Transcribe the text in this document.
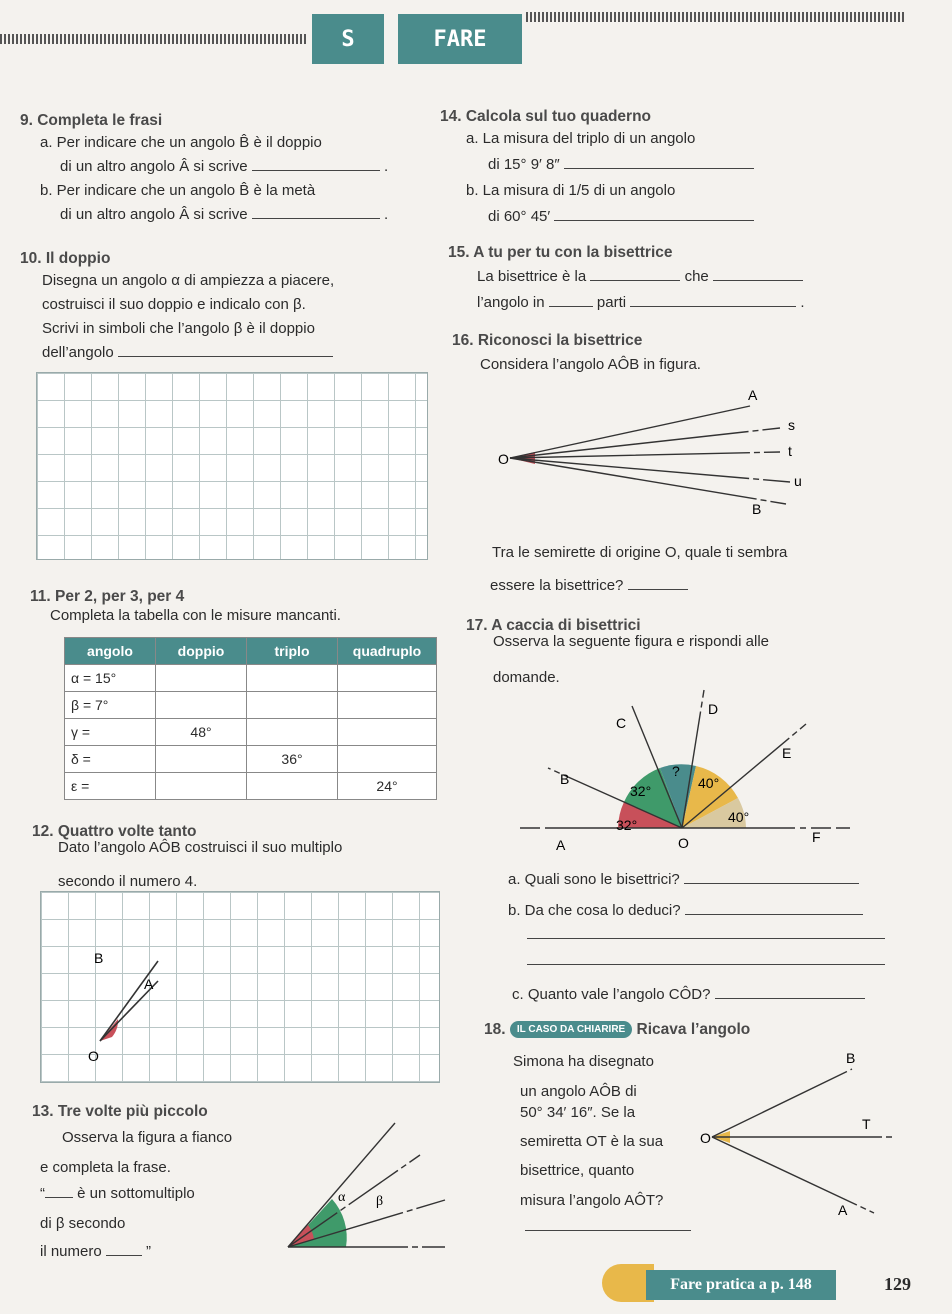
S	FARE
9. Completa le frasi
a. Per indicare che un angolo B̂ è il doppio
di un altro angolo Â si scrive	.
b. Per indicare che un angolo B̂ è la metà
di un altro angolo Â si scrive	.
10. Il doppio
Disegna un angolo α di ampiezza a piacere,
costruisci il suo doppio e indicalo con β.
Scrivi in simboli che l’angolo β è il doppio
dell’angolo
11. Per 2, per 3, per 4
Completa la tabella con le misure mancanti.
angolo	doppio	triplo	quadruplo
α = 15°			
β = 7°			
γ =	48°		
δ =		36°	
ε =			24°
12. Quattro volte tanto
Dato l’angolo AÔB costruisci il suo multiplo
secondo il numero 4.
B
A
O
13. Tre volte più piccolo
Osserva la figura a fianco
e completa la frase.
“ è un sottomultiplo
di β secondo
il numero	”
α β
14. Calcola sul tuo quaderno
a. La misura del triplo di un angolo
di 15° 9′ 8″
b. La misura di 1/5 di un angolo
di 60° 45′
15. A tu per tu con la bisettrice
La bisettrice è la	che
l’angolo in	parti	.
16. Riconosci la bisettrice
Considera l’angolo AÔB in figura.
A
s
O	t
u
B
Tra le semirette di origine O, quale ti sembra
essere la bisettrice?
17. A caccia di bisettrici
Osserva la seguente figura e rispondi alle
domande.
C
D
E
B	?
32°	40°
32°	40°
A	O	F
a. Quali sono le bisettrici?
b. Da che cosa lo deduci?
c. Quanto vale l’angolo CÔD?
18. IL CASO DA CHIARIRE Ricava l’angolo
Simona ha disegnato
un angolo AÔB di
50° 34′ 16″. Se la
semiretta OT è la sua
bisettrice, quanto
misura l’angolo AÔT?
B
T
O
A
Fare pratica a p. 148	129
